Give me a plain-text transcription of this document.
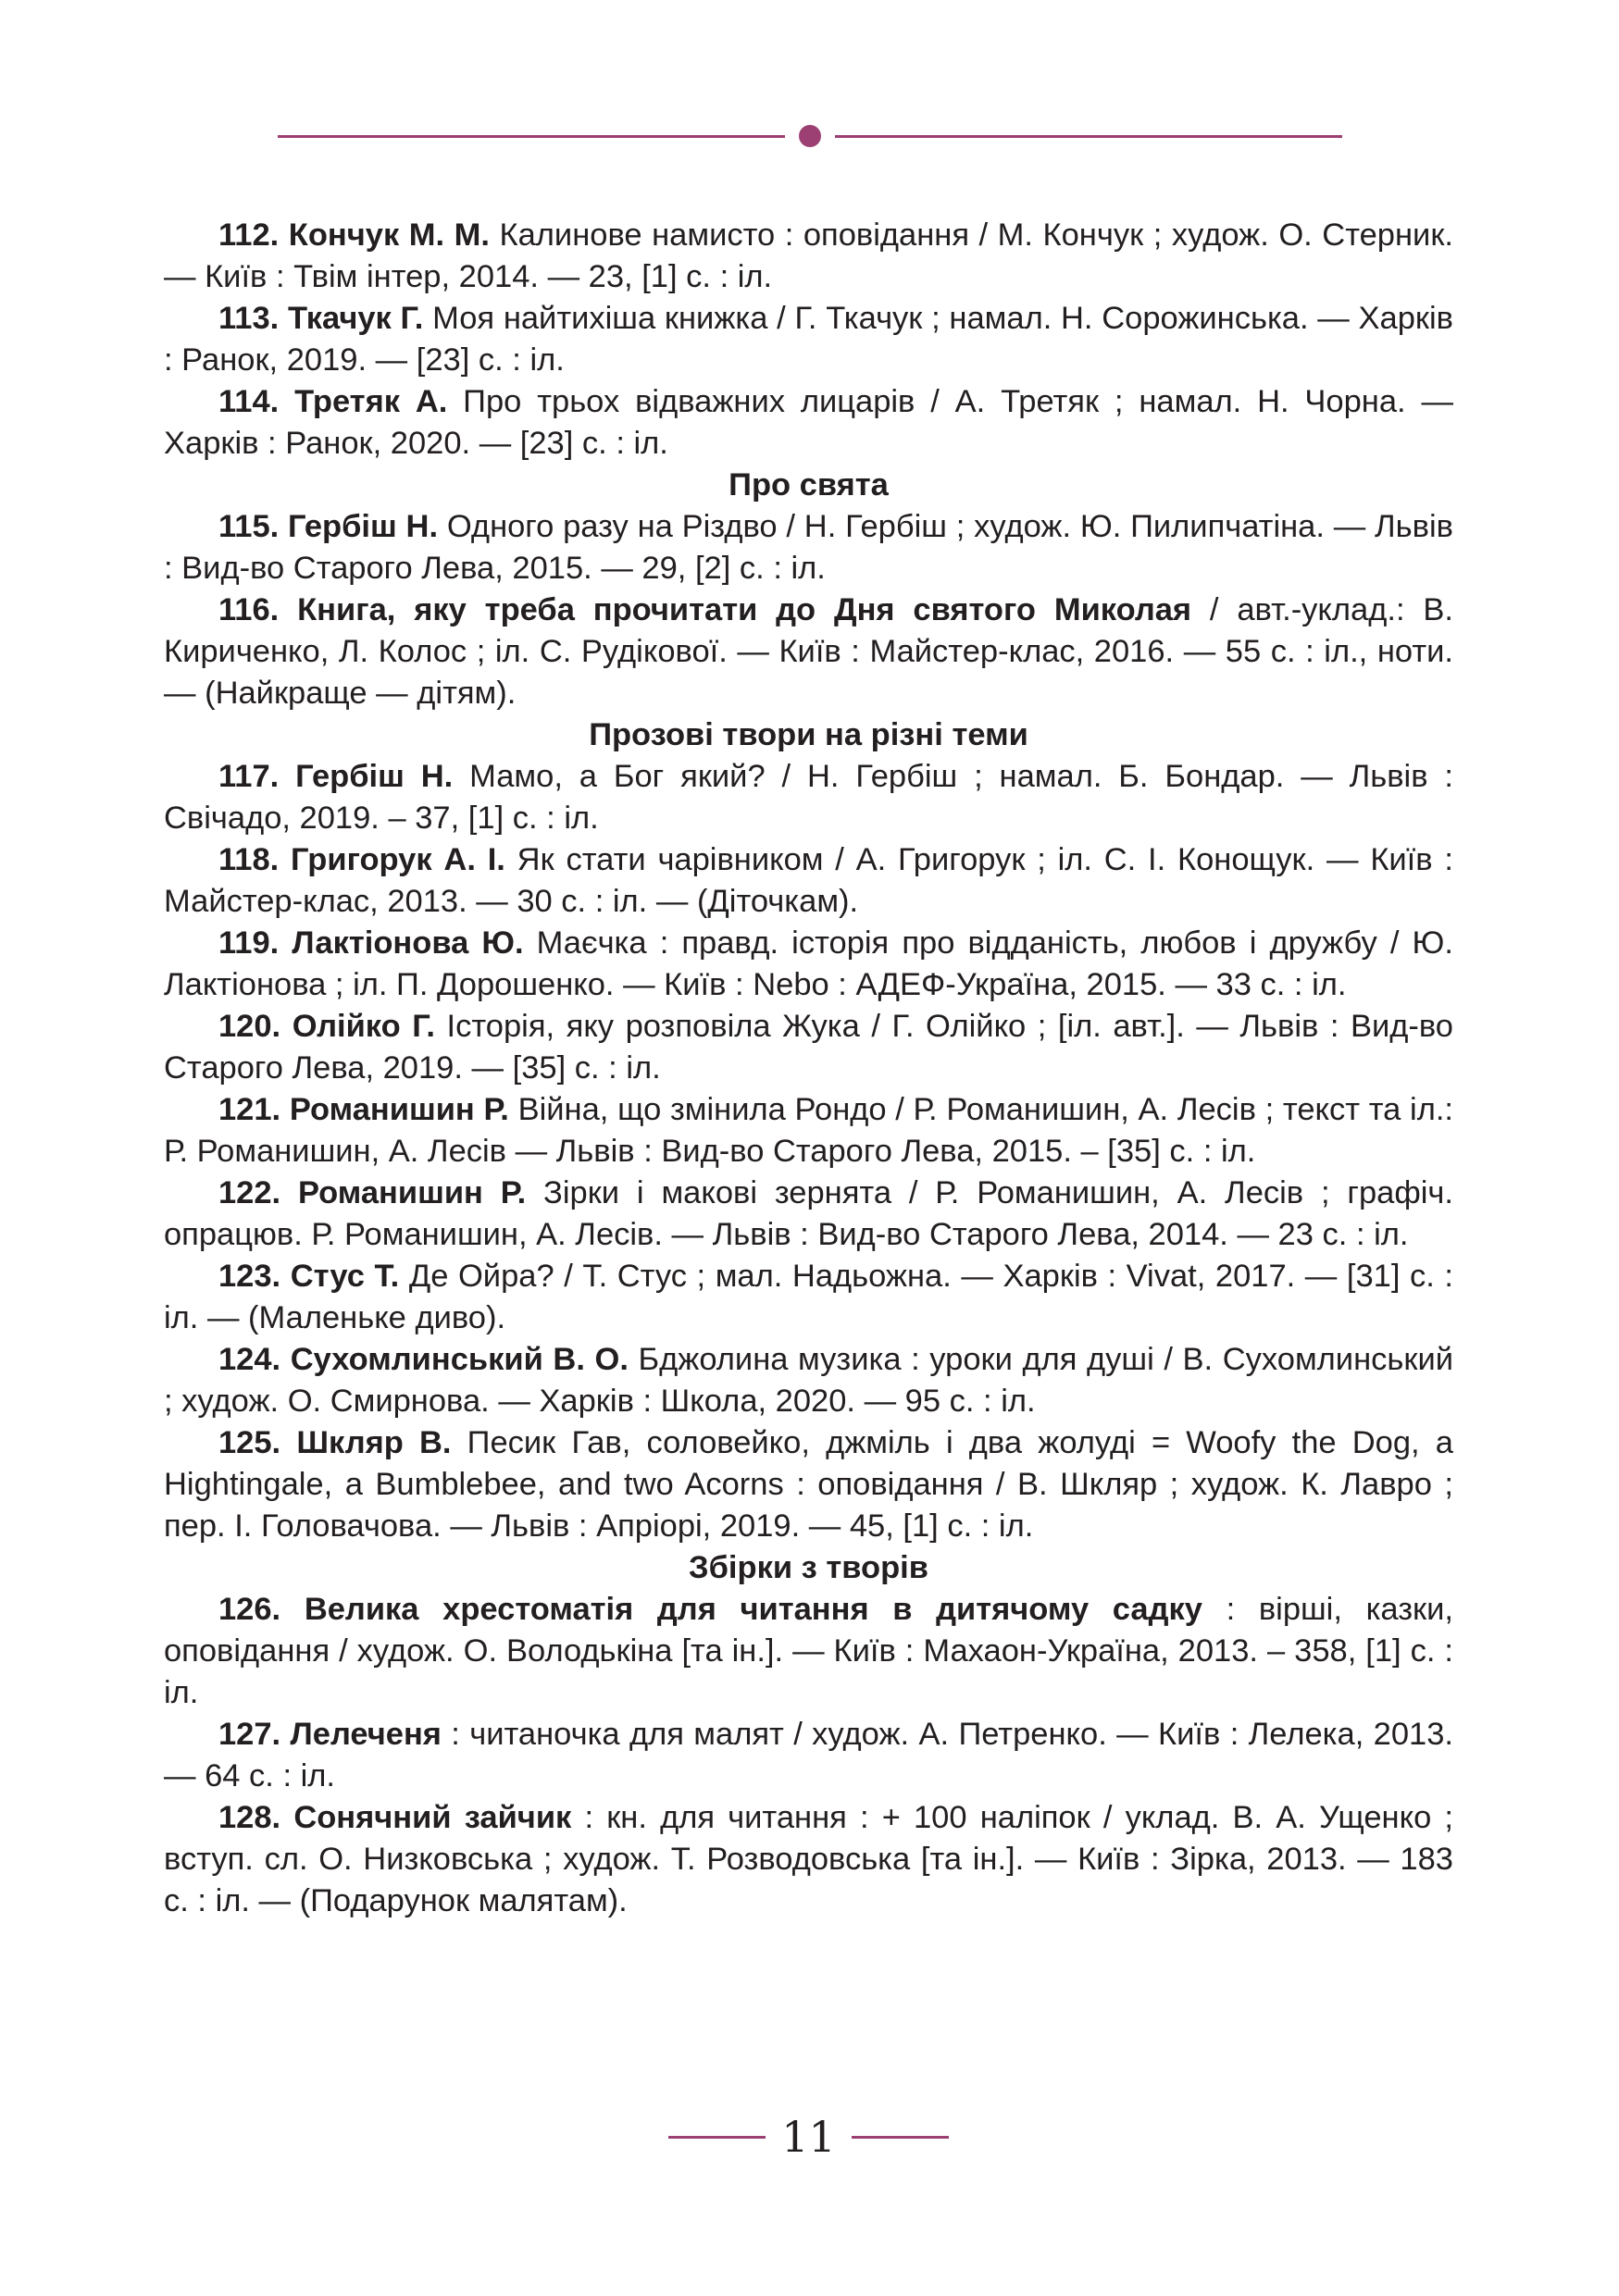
112. Кончук М. М. Калинове намисто : оповідання / М. Кончук ; худож. О. Стерник. — Київ : Твім інтер, 2014. — 23, [1] с. : іл.

113. Ткачук Г. Моя найтихіша книжка / Г. Ткачук ; намал. Н. Сорожинська. — Харків : Ранок, 2019. — [23] с. : іл.

114. Третяк А. Про трьох відважних лицарів / А. Третяк ; намал. Н. Чорна. — Харків : Ранок, 2020. — [23] с. : іл.

Про свята

115. Гербіш Н. Одного разу на Різдво / Н. Гербіш ; худож. Ю. Пилипчатіна. — Львів : Вид-во Старого Лева, 2015. — 29, [2] с. : іл.

116. Книга, яку треба прочитати до Дня святого Миколая / авт.-уклад.: В. Кириченко, Л. Колос ; іл. С. Рудікової. — Київ : Майстер-клас, 2016. — 55 с. : іл., ноти. — (Найкраще — дітям).

Прозові твори на різні теми

117. Гербіш Н. Мамо, а Бог який? / Н. Гербіш ; намал. Б. Бондар. — Львів : Свічадо, 2019. – 37, [1] с. : іл.

118. Григорук А. І. Як стати чарівником / А. Григорук ; іл. С. І. Конощук. — Київ : Майстер-клас, 2013. — 30 с. : іл. — (Діточкам).

119. Лактіонова Ю. Маєчка : правд. історія про відданість, любов і дружбу / Ю. Лактіонова ; іл. П. Дорошенко. — Київ : Nebo : АДЕФ-Україна, 2015. — 33 с. : іл.

120. Олійко Г. Історія, яку розповіла Жука / Г. Олійко ; [іл. авт.]. — Львів : Вид-во Старого Лева, 2019. — [35] с. : іл.

121. Романишин Р. Війна, що змінила Рондо / Р. Романишин, А. Лесів ; текст та іл.: Р. Романишин, А. Лесів — Львів : Вид-во Старого Лева, 2015. – [35] с. : іл.

122. Романишин Р. Зірки і макові зернята / Р. Романишин, А. Лесів ; графіч. опрацюв. Р. Романишин, А. Лесів. — Львів : Вид-во Старого Лева, 2014. — 23 с. : іл.

123. Стус Т. Де Ойра? / Т. Стус ; мал. Надьожна. — Харків : Vivat, 2017. — [31] с. : іл. — (Маленьке диво).

124. Сухомлинський В. О. Бджолина музика : уроки для душі / В. Сухомлинський ; худож. О. Смирнова. — Харків : Школа, 2020. — 95 с. : іл.

125. Шкляр В. Песик Гав, соловейко, джміль і два жолуді = Woofy the Dog, a Hightingale, a Bumblebee, and two Acorns : оповідання / В. Шкляр ; худож. К. Лавро ; пер. І. Головачова. — Львів : Апріорі, 2019. — 45, [1] с. : іл.

Збірки з творів

126. Велика хрестоматія для читання в дитячому садку : вірші, казки, оповідання / худож. О. Володькіна [та ін.]. — Київ : Махаон-Україна, 2013. – 358, [1] с. : іл.

127. Лелеченя : читаночка для малят / худож. А. Петренко. — Київ : Лелека, 2013. — 64 с. : іл.

128. Сонячний зайчик : кн. для читання : + 100 наліпок / уклад. В. А. Ущенко ; вступ. сл. О. Низковська ; худож. Т. Розводовська [та ін.]. — Київ : Зірка, 2013. — 183 с. : іл. — (Подарунок малятам).

11
